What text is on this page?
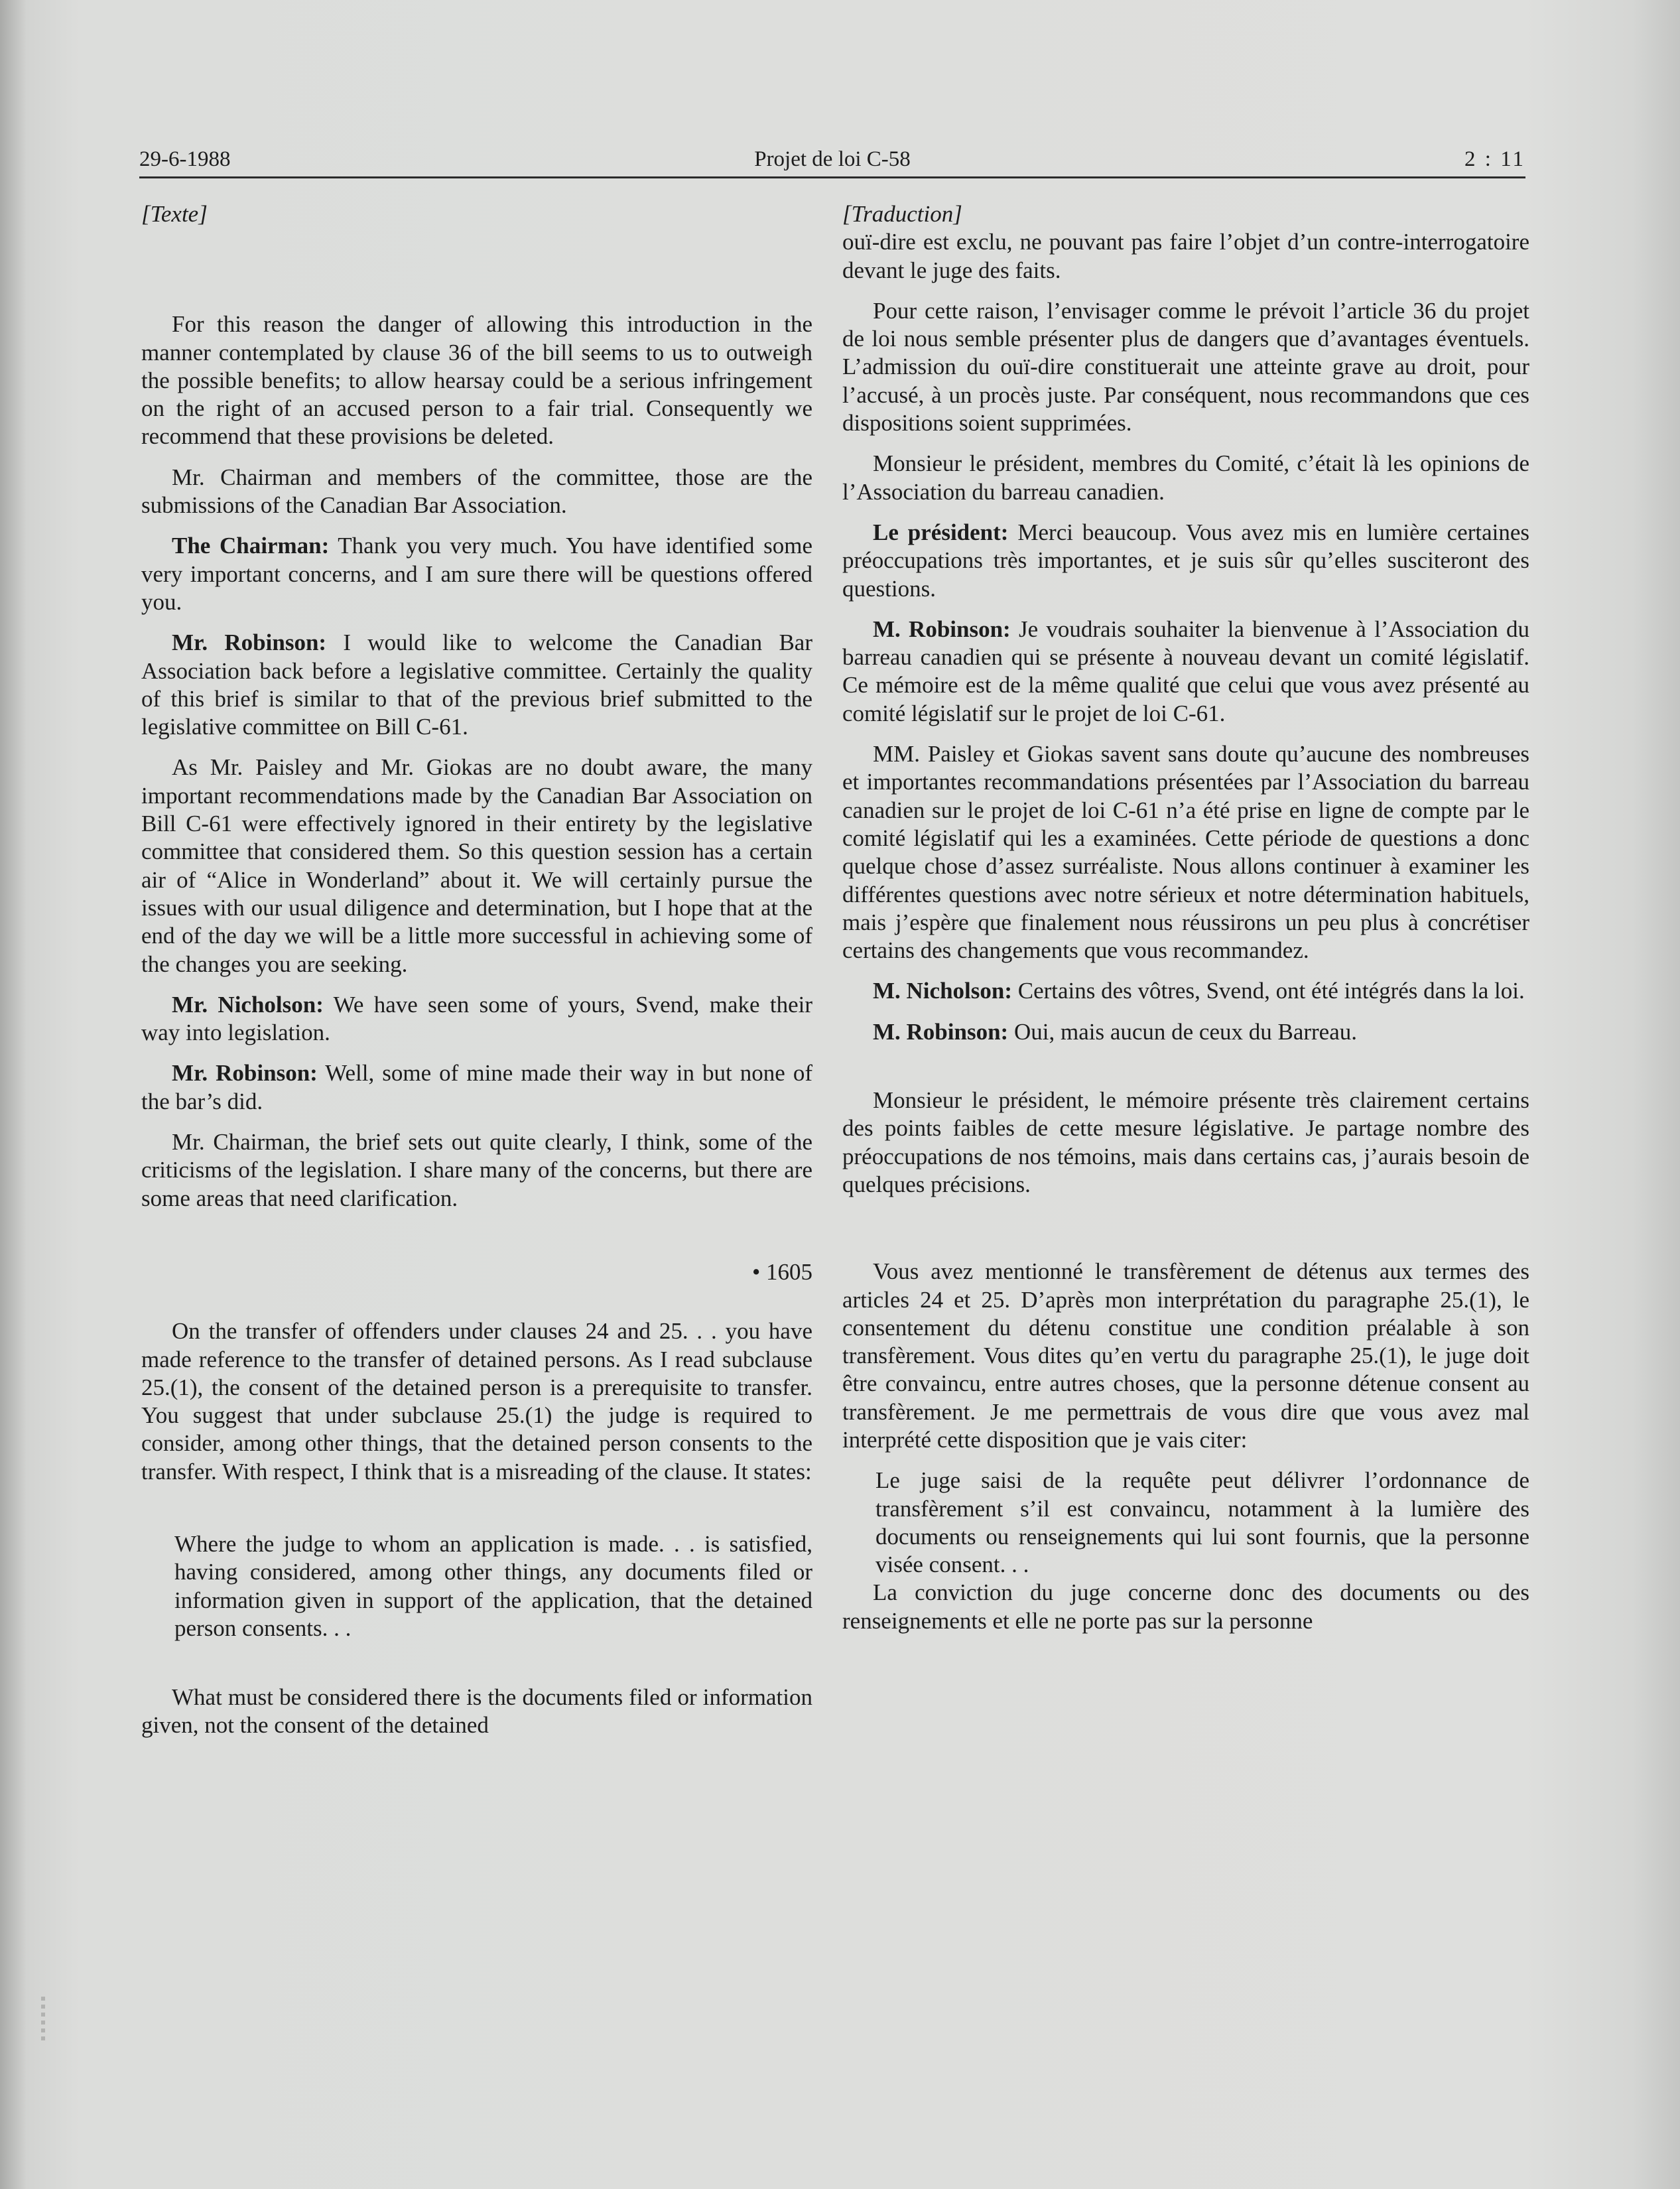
29-6-1988	Projet de loi C-58	2 : 11

[Texte]

For this reason the danger of allowing this introduction in the manner contemplated by clause 36 of the bill seems to us to outweigh the possible benefits; to allow hearsay could be a serious infringement on the right of an accused person to a fair trial. Consequently we recommend that these provisions be deleted.

Mr. Chairman and members of the committee, those are the submissions of the Canadian Bar Association.

The Chairman: Thank you very much. You have identified some very important concerns, and I am sure there will be questions offered you.

Mr. Robinson: I would like to welcome the Canadian Bar Association back before a legislative committee. Certainly the quality of this brief is similar to that of the previous brief submitted to the legislative committee on Bill C-61.

As Mr. Paisley and Mr. Giokas are no doubt aware, the many important recommendations made by the Canadian Bar Association on Bill C-61 were effectively ignored in their entirety by the legislative committee that considered them. So this question session has a certain air of “Alice in Wonderland” about it. We will certainly pursue the issues with our usual diligence and determination, but I hope that at the end of the day we will be a little more successful in achieving some of the changes you are seeking.

Mr. Nicholson: We have seen some of yours, Svend, make their way into legislation.

Mr. Robinson: Well, some of mine made their way in but none of the bar’s did.

Mr. Chairman, the brief sets out quite clearly, I think, some of the criticisms of the legislation. I share many of the concerns, but there are some areas that need clarification.

• 1605

On the transfer of offenders under clauses 24 and 25. . . you have made reference to the transfer of detained persons. As I read subclause 25.(1), the consent of the detained person is a prerequisite to transfer. You suggest that under subclause 25.(1) the judge is required to consider, among other things, that the detained person consents to the transfer. With respect, I think that is a misreading of the clause. It states:

Where the judge to whom an application is made. . . is satisfied, having considered, among other things, any documents filed or information given in support of the application, that the detained person consents. . .

What must be considered there is the documents filed or information given, not the consent of the detained

[Traduction]

ouï-dire est exclu, ne pouvant pas faire l’objet d’un contre-interrogatoire devant le juge des faits.

Pour cette raison, l’envisager comme le prévoit l’article 36 du projet de loi nous semble présenter plus de dangers que d’avantages éventuels. L’admission du ouï-dire constituerait une atteinte grave au droit, pour l’accusé, à un procès juste. Par conséquent, nous recommandons que ces dispositions soient supprimées.

Monsieur le président, membres du Comité, c’était là les opinions de l’Association du barreau canadien.

Le président: Merci beaucoup. Vous avez mis en lumière certaines préoccupations très importantes, et je suis sûr qu’elles susciteront des questions.

M. Robinson: Je voudrais souhaiter la bienvenue à l’Association du barreau canadien qui se présente à nouveau devant un comité législatif. Ce mémoire est de la même qualité que celui que vous avez présenté au comité législatif sur le projet de loi C-61.

MM. Paisley et Giokas savent sans doute qu’aucune des nombreuses et importantes recommandations présentées par l’Association du barreau canadien sur le projet de loi C-61 n’a été prise en ligne de compte par le comité législatif qui les a examinées. Cette période de questions a donc quelque chose d’assez surréaliste. Nous allons continuer à examiner les différentes questions avec notre sérieux et notre détermination habituels, mais j’espère que finalement nous réussirons un peu plus à concrétiser certains des changements que vous recommandez.

M. Nicholson: Certains des vôtres, Svend, ont été intégrés dans la loi.

M. Robinson: Oui, mais aucun de ceux du Barreau.

Monsieur le président, le mémoire présente très clairement certains des points faibles de cette mesure législative. Je partage nombre des préoccupations de nos témoins, mais dans certains cas, j’aurais besoin de quelques précisions.

Vous avez mentionné le transfèrement de détenus aux termes des articles 24 et 25. D’après mon interprétation du paragraphe 25.(1), le consentement du détenu constitue une condition préalable à son transfèrement. Vous dites qu’en vertu du paragraphe 25.(1), le juge doit être convaincu, entre autres choses, que la personne détenue consent au transfèrement. Je me permettrais de vous dire que vous avez mal interprété cette disposition que je vais citer:

Le juge saisi de la requête peut délivrer l’ordonnance de transfèrement s’il est convaincu, notamment à la lumière des documents ou renseignements qui lui sont fournis, que la personne visée consent. . .

La conviction du juge concerne donc des documents ou des renseignements et elle ne porte pas sur la personne
